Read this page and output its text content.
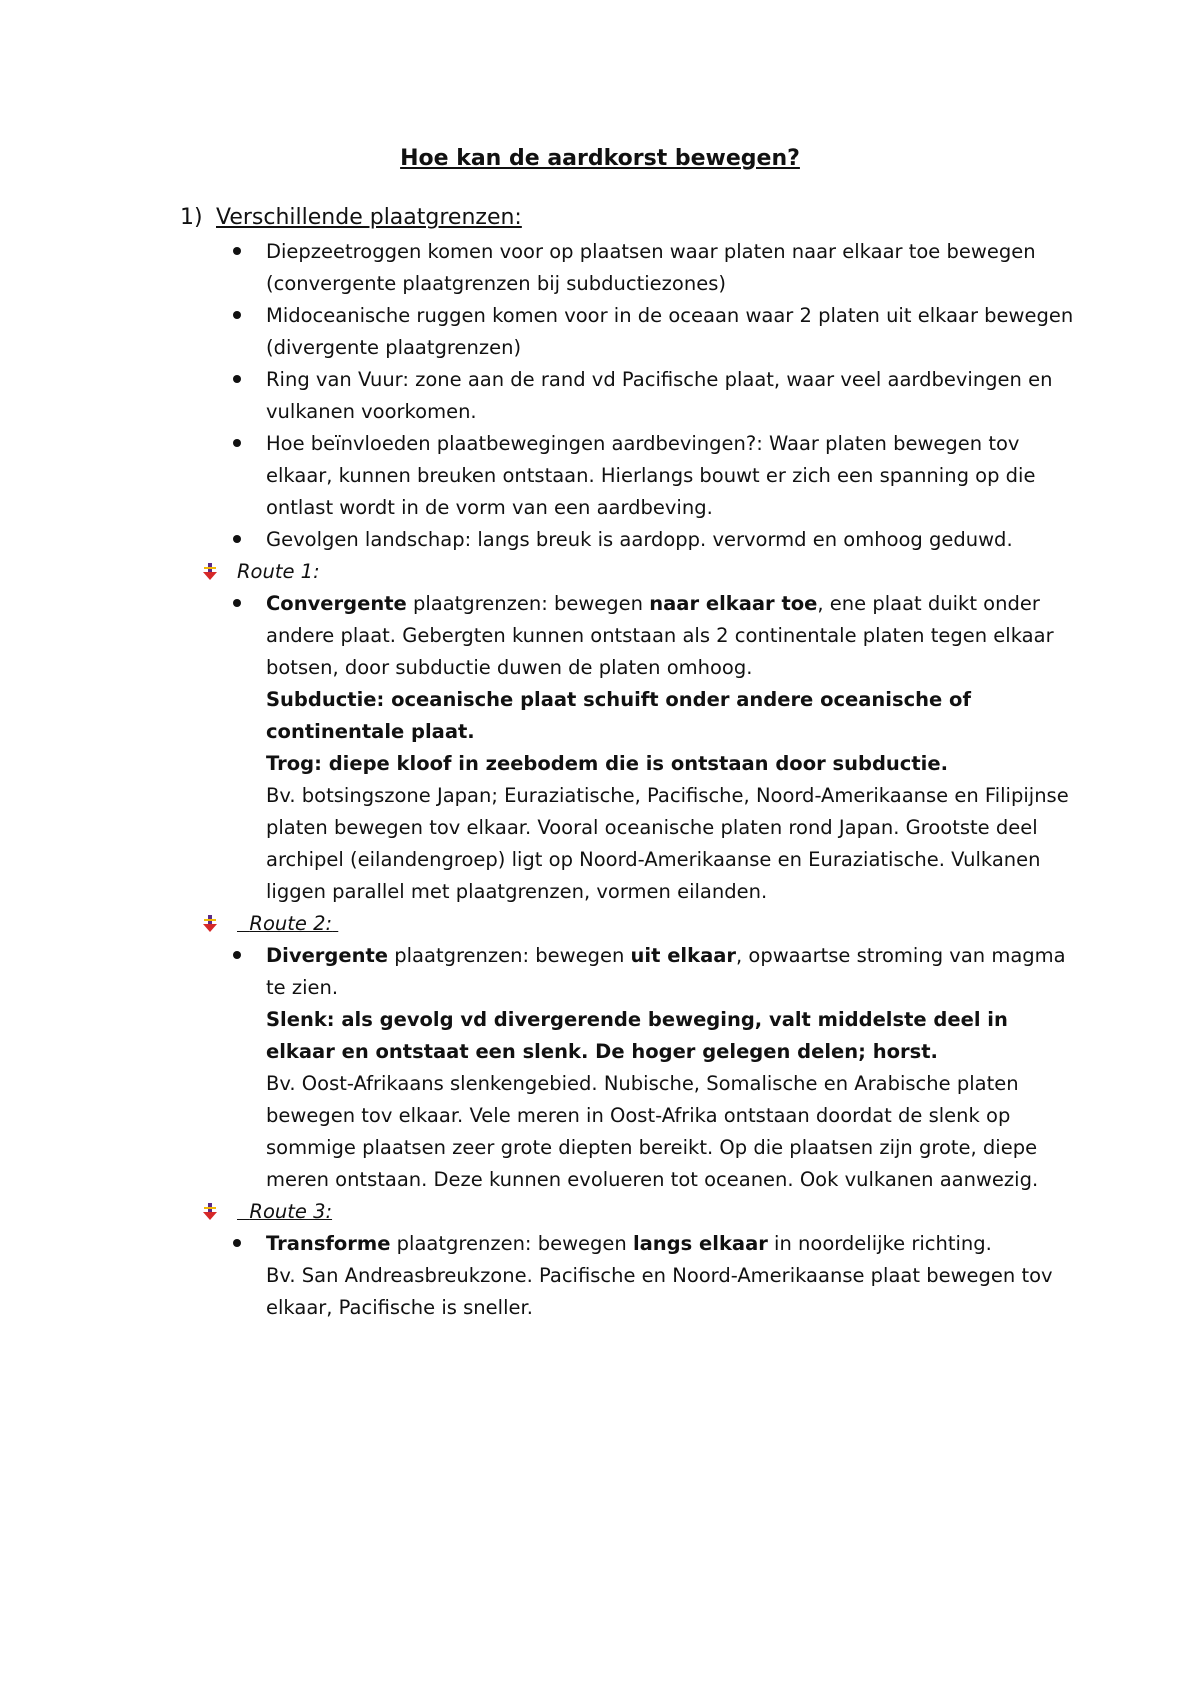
Hoe kan de aardkorst bewegen?
1) Verschillende plaatgrenzen:
Diepzeetroggen komen voor op plaatsen waar platen naar elkaar toe bewegen (convergente plaatgrenzen bij subductiezones)
Midoceanische ruggen komen voor in de oceaan waar 2 platen uit elkaar bewegen (divergente plaatgrenzen)
Ring van Vuur: zone aan de rand vd Pacifische plaat, waar veel aardbevingen en vulkanen voorkomen.
Hoe beïnvloeden plaatbewegingen aardbevingen?: Waar platen bewegen tov elkaar, kunnen breuken ontstaan. Hierlangs bouwt er zich een spanning op die ontlast wordt in de vorm van een aardbeving.
Gevolgen landschap: langs breuk is aardopp. vervormd en omhoog geduwd.
Route 1:
Convergente plaatgrenzen: bewegen naar elkaar toe, ene plaat duikt onder andere plaat. Gebergten kunnen ontstaan als 2 continentale platen tegen elkaar botsen, door subductie duwen de platen omhoog.
Subductie: oceanische plaat schuift onder andere oceanische of continentale plaat.
Trog: diepe kloof in zeebodem die is ontstaan door subductie.
Bv. botsingszone Japan; Euraziatische, Pacifische, Noord-Amerikaanse en Filipijnse platen bewegen tov elkaar. Vooral oceanische platen rond Japan. Grootste deel archipel (eilandengroep) ligt op Noord-Amerikaanse en Euraziatische. Vulkanen liggen parallel met plaatgrenzen, vormen eilanden.
Route 2:
Divergente plaatgrenzen: bewegen uit elkaar, opwaartse stroming van magma te zien.
Slenk: als gevolg vd divergerende beweging, valt middelste deel in elkaar en ontstaat een slenk. De hoger gelegen delen; horst.
Bv. Oost-Afrikaans slenkengebied. Nubische, Somalische en Arabische platen bewegen tov elkaar. Vele meren in Oost-Afrika ontstaan doordat de slenk op sommige plaatsen zeer grote diepten bereikt. Op die plaatsen zijn grote, diepe meren ontstaan. Deze kunnen evolueren tot oceanen. Ook vulkanen aanwezig.
Route 3:
Transforme plaatgrenzen: bewegen langs elkaar in noordelijke richting.
Bv. San Andreasbreukzone. Pacifische en Noord-Amerikaanse plaat bewegen tov elkaar, Pacifische is sneller.
